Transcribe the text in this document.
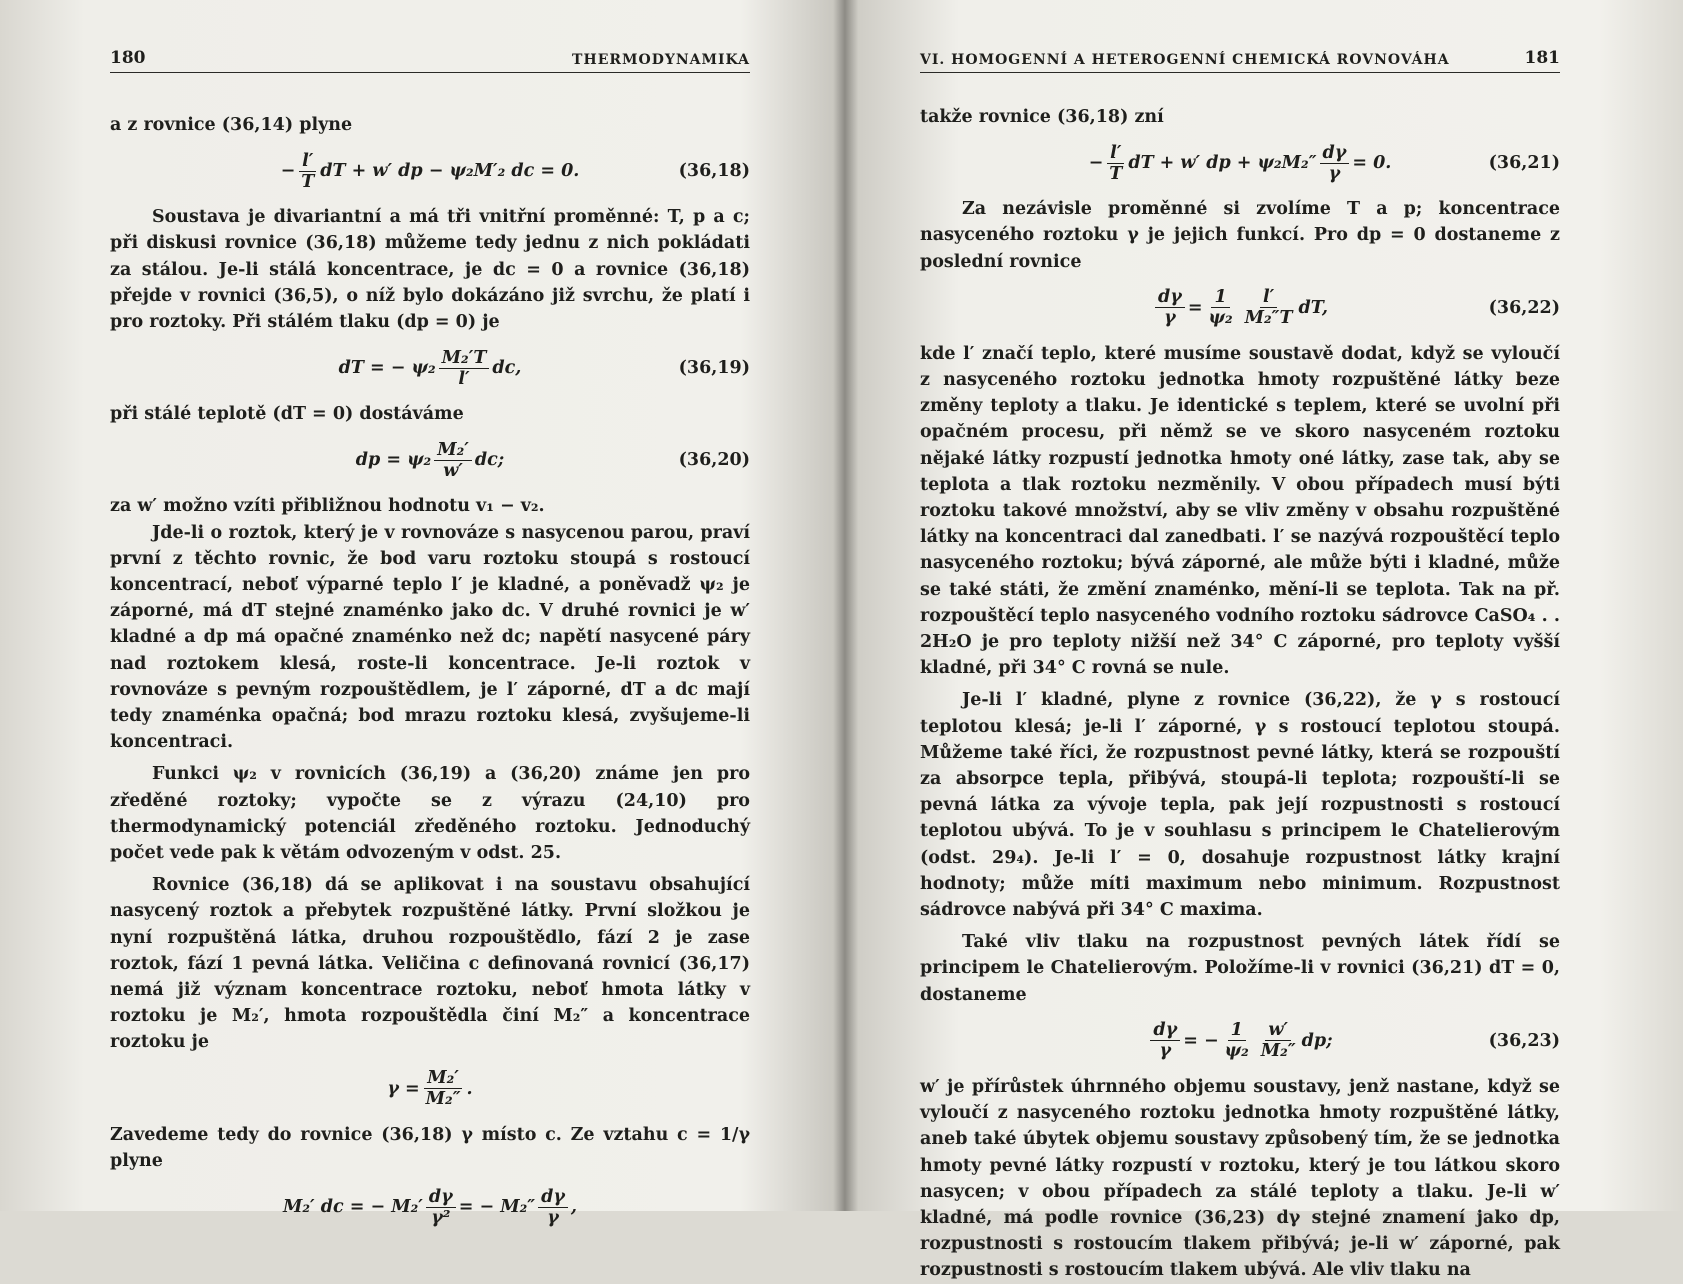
180	THERMODYNAMIKA

a z rovnice (36,14) plyne

− $\frac{l'}{T}$ dT + w′ dp − ψ₂M′₂ dc = 0.	(36,18)

Soustava je divariantní a má tři vnitřní proměnné: T, p a c; při diskusi rovnice (36,18) můžeme tedy jednu z nich pokládati za stálou. Je-li stálá koncentrace, je dc = 0 a rovnice (36,18) přejde v rovnici (36,5), o níž bylo dokázáno již svrchu, že platí i pro roztoky. Při stálém tlaku (dp = 0) je

dT = − $\psi_2 \frac{\text{M₂′T}}{l'}$ dc,	(36,19)

při stálé teplotě (dT = 0) dostáváme

dp = $\psi_2 \frac{\text{M₂′}}{w'}$ dc;	(36,20)

za w′ možno vzíti přibližnou hodnotu v₁ − v₂.

Jde-li o roztok, který je v rovnováze s nasycenou parou, praví první z těchto rovnic, že bod varu roztoku stoupá s rostoucí koncentrací, neboť výparné teplo l′ je kladné, a poněvadž ψ₂ je záporné, má dT stejné znaménko jako dc. V druhé rovnici je w′ kladné a dp má opačné znaménko než dc; napětí nasycené páry nad roztokem klesá, roste-li koncentrace. Je-li roztok v rovnováze s pevným rozpouštědlem, je l′ záporné, dT a dc mají tedy znaménka opačná; bod mrazu roztoku klesá, zvyšujeme-li koncentraci.

Funkci ψ₂ v rovnicích (36,19) a (36,20) známe jen pro zředěné roztoky; vypočte se z výrazu (24,10) pro thermodynamický potenciál zředěného roztoku. Jednoduchý počet vede pak k větám odvozeným v odst. 25.

Rovnice (36,18) dá se aplikovat i na soustavu obsahující nasycený roztok a přebytek rozpuštěné látky. První složkou je nyní rozpuštěná látka, druhou rozpouštědlo, fází 2 je zase roztok, fází 1 pevná látka. Veličina c definovaná rovnicí (36,17) nemá již význam koncentrace roztoku, neboť hmota látky v roztoku je M₂′, hmota rozpouštědla činí M₂″ a koncentrace roztoku je

$\gamma = \frac{\text{M₂′}}{\text{M₂″}}$ .

Zavedeme tedy do rovnice (36,18) γ místo c. Ze vztahu c = 1/γ plyne

M₂′ dc = − $M_2' \frac{d\gamma}{\text{γ²}}$ = − $M_2'' \frac{d\gamma}{\gamma}$ ,
VI. HOMOGENNÍ A HETEROGENNÍ CHEMICKÁ ROVNOVÁHA	181

takže rovnice (36,18) zní

− $\frac{l'}{T}$ dT + w′ dp + $\psi_2M_2'' \frac{d\gamma}{\gamma} = 0$.	(36,21)

Za nezávisle proměnné si zvolíme T a p; koncentrace nasyceného roztoku γ je jejich funkcí. Pro dp = 0 dostaneme z poslední rovnice

$\frac{d\gamma}{\gamma} = \frac{1}{\text{ψ₂}} \frac{l'}{\text{M₂″T}}$ dT,	(36,22)

kde l′ značí teplo, které musíme soustavě dodat, když se vyloučí z nasyceného roztoku jednotka hmoty rozpuštěné látky beze změny teploty a tlaku. Je identické s teplem, které se uvolní při opačném procesu, při němž se ve skoro nasyceném roztoku nějaké látky rozpustí jednotka hmoty oné látky, zase tak, aby se teplota a tlak roztoku nezměnily. V obou případech musí býti roztoku takové množství, aby se vliv změny v obsahu rozpuštěné látky na koncentraci dal zanedbati. l′ se nazývá rozpouštěcí teplo nasyceného roztoku; bývá záporné, ale může býti i kladné, může se také státi, že změní znaménko, mění-li se teplota. Tak na př. rozpouštěcí teplo nasyceného vodního roztoku sádrovce CaSO₄ . . 2H₂O je pro teploty nižší než 34° C záporné, pro teploty vyšší kladné, při 34° C rovná se nule.

Je-li l′ kladné, plyne z rovnice (36,22), že γ s rostoucí teplotou klesá; je-li l′ záporné, γ s rostoucí teplotou stoupá. Můžeme také říci, že rozpustnost pevné látky, která se rozpouští za absorpce tepla, přibývá, stoupá-li teplota; rozpouští-li se pevná látka za vývoje tepla, pak její rozpustnosti s rostoucí teplotou ubývá. To je v souhlasu s principem le Chatelierovým (odst. 29₄). Je-li l′ = 0, dosahuje rozpustnost látky krajní hodnoty; může míti maximum nebo minimum. Rozpustnost sádrovce nabývá při 34° C maxima.

Také vliv tlaku na rozpustnost pevných látek řídí se principem le Chatelierovým. Položíme-li v rovnici (36,21) dT = 0, dostaneme

$\frac{d\gamma}{\gamma}$ = − $\frac{1}{\text{ψ₂}} \frac{w'}{\text{M₂″}}$ dp;	(36,23)

w′ je přírůstek úhrnného objemu soustavy, jenž nastane, když se vyloučí z nasyceného roztoku jednotka hmoty rozpuštěné látky, aneb také úbytek objemu soustavy způsobený tím, že se jednotka hmoty pevné látky rozpustí v roztoku, který je tou látkou skoro nasycen; v obou případech za stálé teploty a tlaku. Je-li w′ kladné, má podle rovnice (36,23) dγ stejné znamení jako dp, rozpustnosti s rostoucím tlakem přibývá; je-li w′ záporné, pak rozpustnosti s rostoucím tlakem ubývá. Ale vliv tlaku na
